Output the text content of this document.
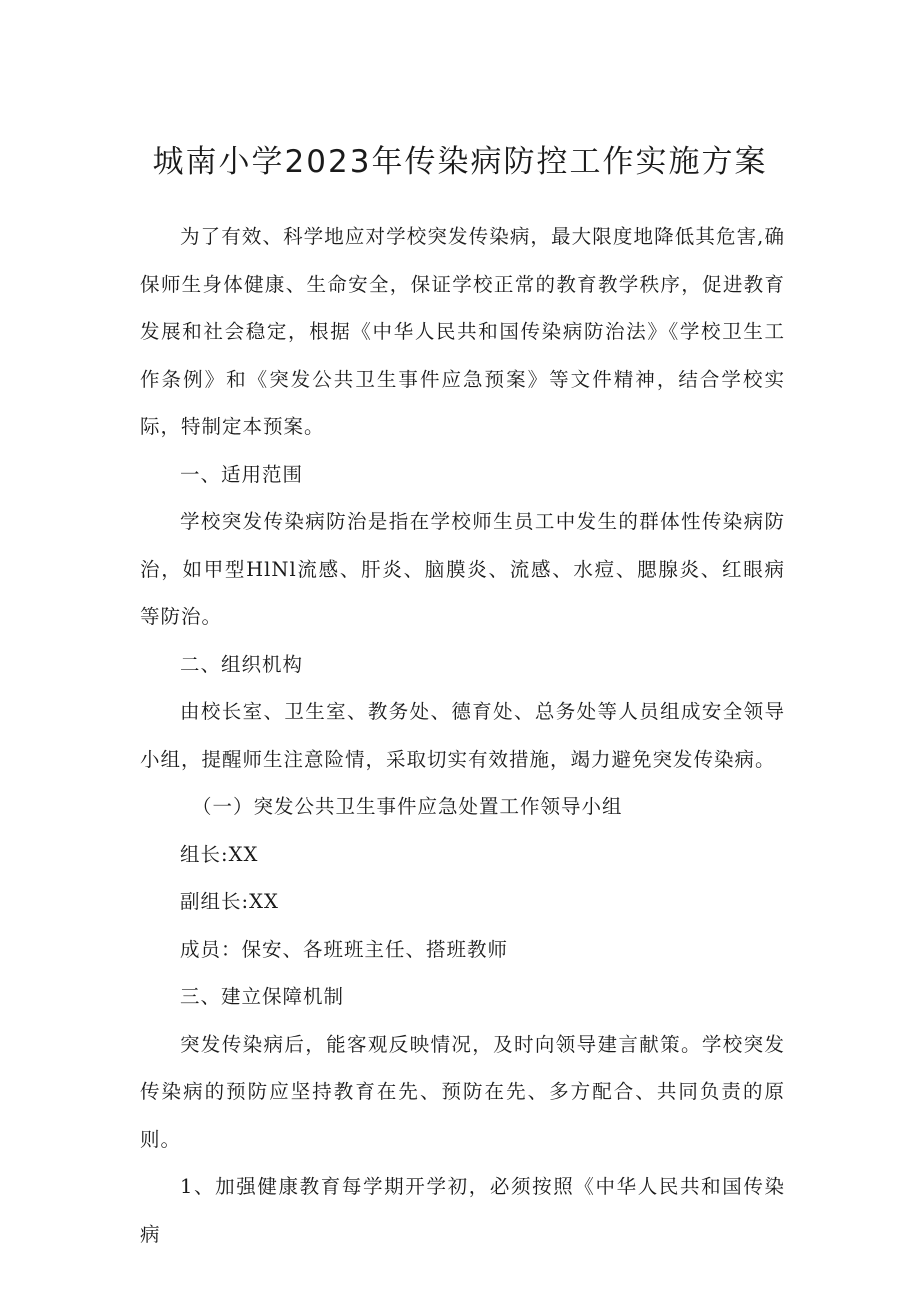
城南小学2023年传染病防控工作实施方案

为了有效、科学地应对学校突发传染病，最大限度地降低其危害,确保师生身体健康、生命安全，保证学校正常的教育教学秩序，促进教育发展和社会稳定，根据《中华人民共和国传染病防治法》《学校卫生工作条例》和《突发公共卫生事件应急预案》等文件精神，结合学校实际，特制定本预案。

一、适用范围

学校突发传染病防治是指在学校师生员工中发生的群体性传染病防治，如甲型HlNl流感、肝炎、脑膜炎、流感、水痘、腮腺炎、红眼病等防治。

二、组织机构

由校长室、卫生室、教务处、德育处、总务处等人员组成安全领导小组，提醒师生注意险情，采取切实有效措施，竭力避免突发传染病。

（一）突发公共卫生事件应急处置工作领导小组

组长:XX

副组长:XX

成员：保安、各班班主任、搭班教师

三、建立保障机制

突发传染病后，能客观反映情况，及时向领导建言献策。学校突发传染病的预防应坚持教育在先、预防在先、多方配合、共同负责的原则。

1、加强健康教育每学期开学初，必须按照《中华人民共和国传染病
